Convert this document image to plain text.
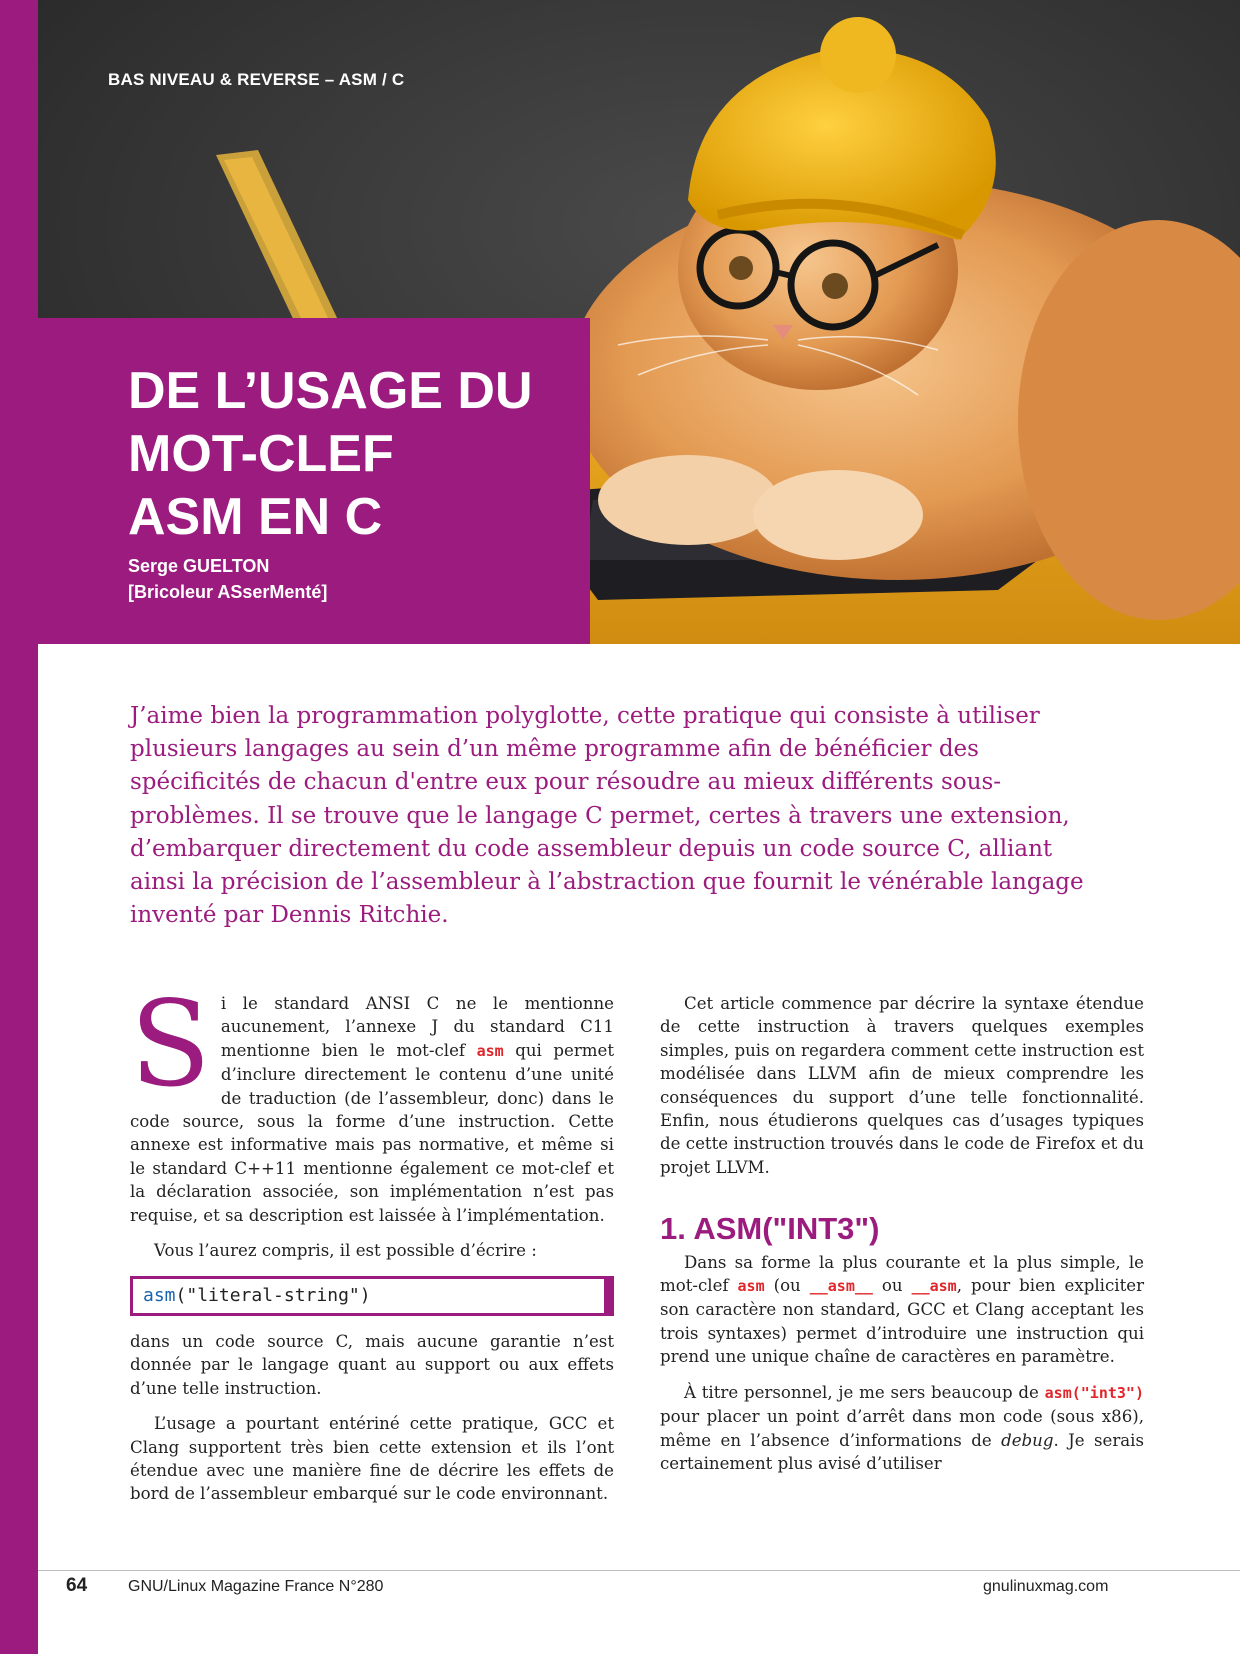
BAS NIVEAU & REVERSE – ASM / C
DE L’USAGE DU
MOT-CLEF
ASM EN C
Serge GUELTON
[Bricoleur ASserMenté]

J’aime bien la programmation polyglotte, cette pratique qui consiste à utiliser plusieurs langages au sein d’un même programme afin de bénéficier des spécificités de chacun d'entre eux pour résoudre au mieux différents sous-problèmes. Il se trouve que le langage C permet, certes à travers une extension, d’embarquer directement du code assembleur depuis un code source C, alliant ainsi la précision de l’assembleur à l’abstraction que fournit le vénérable langage inventé par Dennis Ritchie.

Si le standard ANSI C ne le mentionne aucunement, l’annexe J du standard C11 mentionne bien le mot-clef asm qui permet d’inclure directement le contenu d’une unité de traduction (de l’assembleur, donc) dans le code source, sous la forme d’une instruction. Cette annexe est informative mais pas normative, et même si le standard C++11 mentionne également ce mot-clef et la déclaration associée, son implémentation n’est pas requise, et sa description est laissée à l’implémentation.

Vous l’aurez compris, il est possible d’écrire :

asm("literal-string")

dans un code source C, mais aucune garantie n’est donnée par le langage quant au support ou aux effets d’une telle instruction.

L’usage a pourtant entériné cette pratique, GCC et Clang supportent très bien cette extension et ils l’ont étendue avec une manière fine de décrire les effets de bord de l’assembleur embarqué sur le code environnant.

Cet article commence par décrire la syntaxe étendue de cette instruction à travers quelques exemples simples, puis on regardera comment cette instruction est modélisée dans LLVM afin de mieux comprendre les conséquences du support d’une telle fonctionnalité. Enfin, nous étudierons quelques cas d’usages typiques de cette instruction trouvés dans le code de Firefox et du projet LLVM.

1. ASM("INT3")

Dans sa forme la plus courante et la plus simple, le mot-clef asm (ou __asm__ ou __asm, pour bien expliciter son caractère non standard, GCC et Clang acceptant les trois syntaxes) permet d’introduire une instruction qui prend une unique chaîne de caractères en paramètre.

À titre personnel, je me sers beaucoup de asm("int3") pour placer un point d’arrêt dans mon code (sous x86), même en l’absence d’informations de debug. Je serais certainement plus avisé d’utiliser

64	GNU/Linux Magazine France N°280	gnulinuxmag.com
